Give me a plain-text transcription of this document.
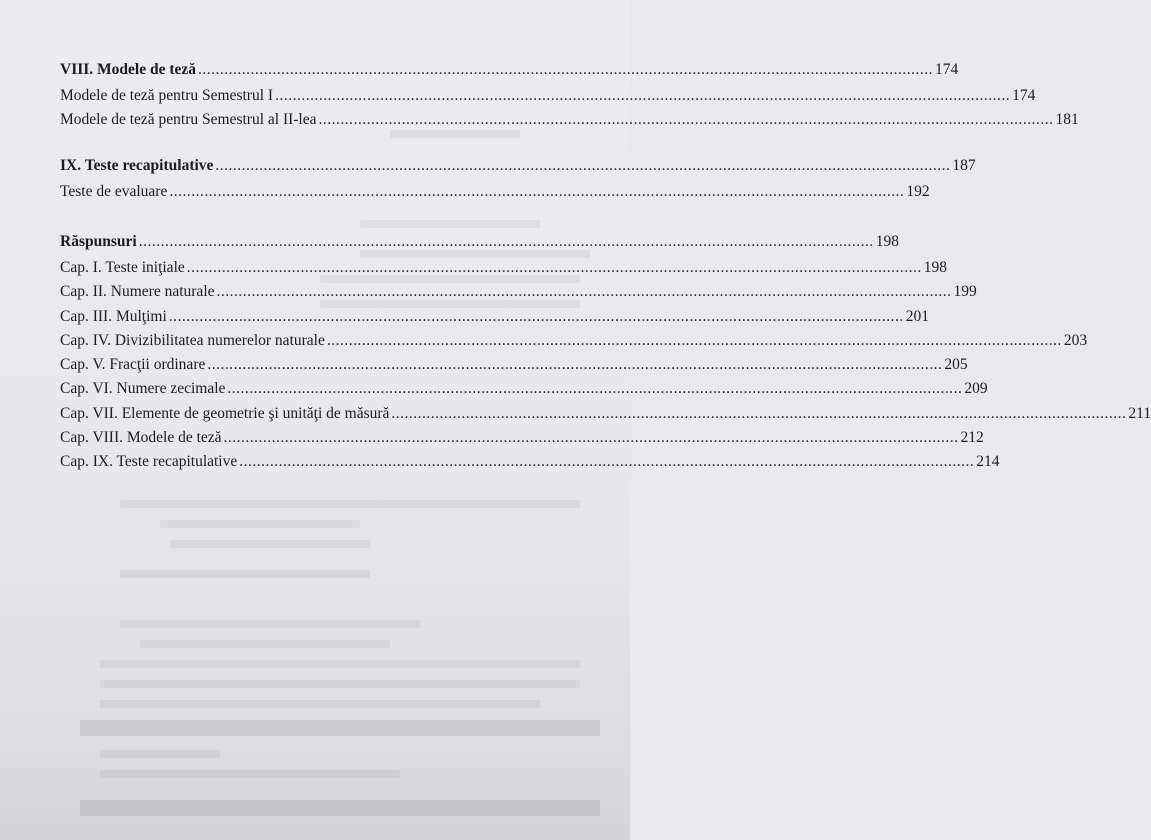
VIII. Modele de teză ........................................................................................................................................................................ 174
Modele de teză pentru Semestrul I ........................................................................................................................................................................ 174
Modele de teză pentru Semestrul al II-lea ........................................................................................................................................................................ 181
IX. Teste recapitulative ........................................................................................................................................................................ 187
Teste de evaluare ........................................................................................................................................................................ 192
Răspunsuri ........................................................................................................................................................................ 198
Cap. I. Teste iniţiale ........................................................................................................................................................................ 198
Cap. II. Numere naturale ........................................................................................................................................................................ 199
Cap. III. Mulţimi ........................................................................................................................................................................ 201
Cap. IV. Divizibilitatea numerelor naturale ........................................................................................................................................................................ 203
Cap. V. Fracţii ordinare ........................................................................................................................................................................ 205
Cap. VI. Numere zecimale ........................................................................................................................................................................ 209
Cap. VII. Elemente de geometrie şi unităţi de măsură ........................................................................................................................................................................ 211
Cap. VIII. Modele de teză ........................................................................................................................................................................ 212
Cap. IX. Teste recapitulative ........................................................................................................................................................................ 214
